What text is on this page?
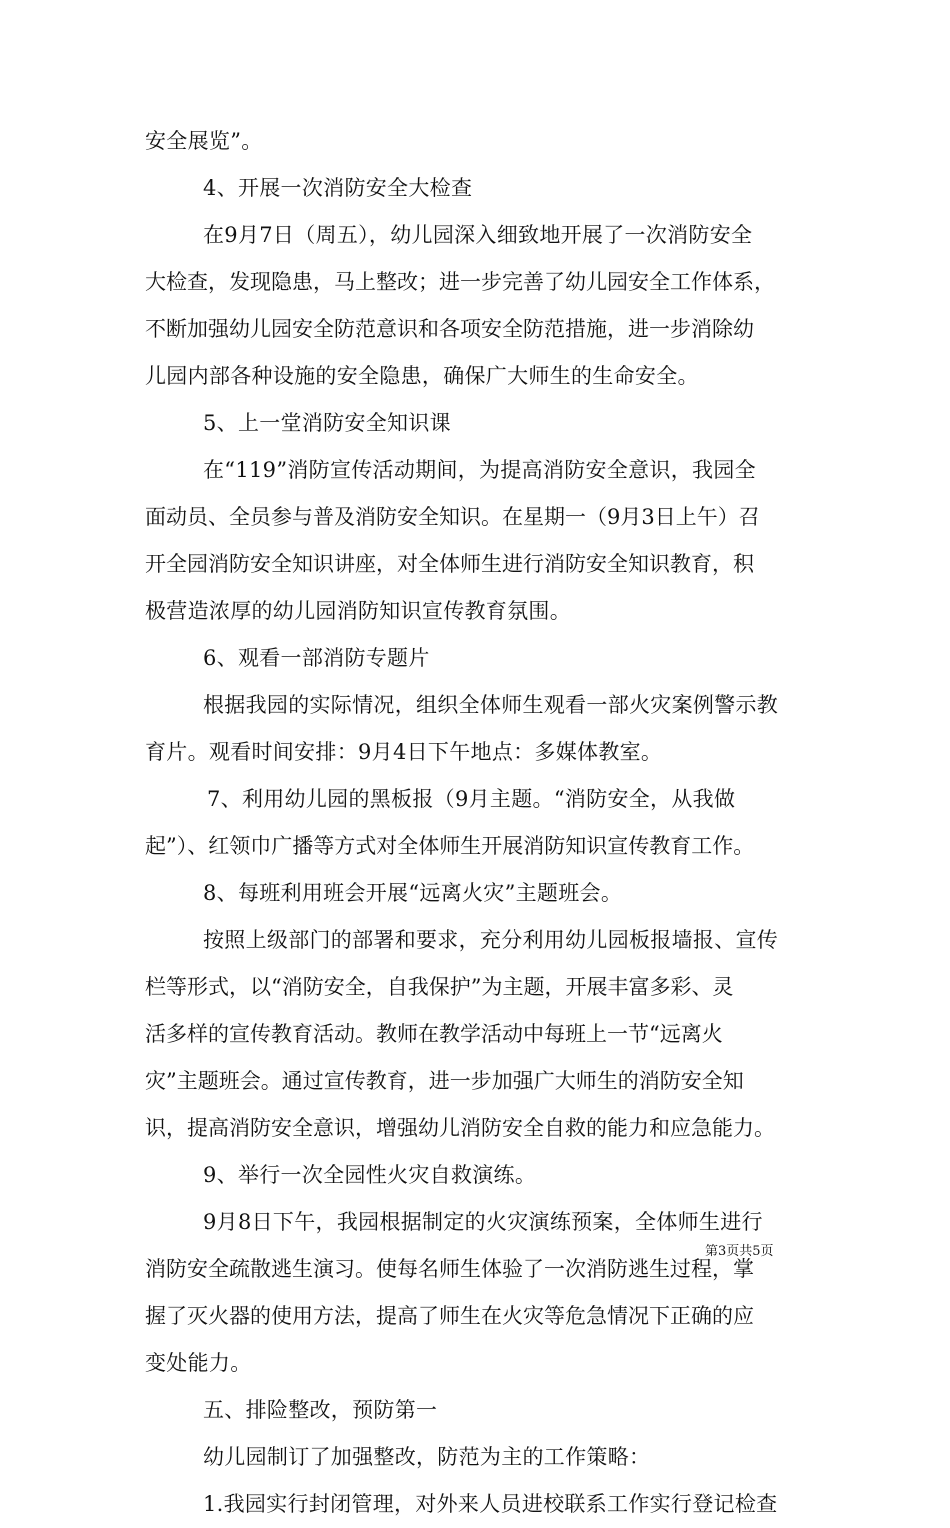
安全展览”。
4、开展一次消防安全大检查
在9月7日（周五），幼儿园深入细致地开展了一次消防安全
大检查，发现隐患，马上整改；进一步完善了幼儿园安全工作体系，
不断加强幼儿园安全防范意识和各项安全防范措施，进一步消除幼
儿园内部各种设施的安全隐患，确保广大师生的生命安全。
5、上一堂消防安全知识课
在“119”消防宣传活动期间，为提高消防安全意识，我园全
面动员、全员参与普及消防安全知识。在星期一（9月3日上午）召
开全园消防安全知识讲座，对全体师生进行消防安全知识教育，积
极营造浓厚的幼儿园消防知识宣传教育氛围。
6、观看一部消防专题片
根据我园的实际情况，组织全体师生观看一部火灾案例警示教
育片。观看时间安排：9月4日下午地点：多媒体教室。
7、利用幼儿园的黑板报（9月主题。“消防安全，从我做
起”）、红领巾广播等方式对全体师生开展消防知识宣传教育工作。
8、每班利用班会开展“远离火灾”主题班会。
按照上级部门的部署和要求，充分利用幼儿园板报墙报、宣传
栏等形式，以“消防安全，自我保护”为主题，开展丰富多彩、灵
活多样的宣传教育活动。教师在教学活动中每班上一节“远离火
灾”主题班会。通过宣传教育，进一步加强广大师生的消防安全知
识，提高消防安全意识，增强幼儿消防安全自救的能力和应急能力。
9、举行一次全园性火灾自救演练。
9月8日下午，我园根据制定的火灾演练预案，全体师生进行
消防安全疏散逃生演习。使每名师生体验了一次消防逃生过程，掌
握了灭火器的使用方法，提高了师生在火灾等危急情况下正确的应
变处能力。
五、排险整改，预防第一
幼儿园制订了加强整改，防范为主的工作策略：
1.我园实行封闭管理，对外来人员进校联系工作实行登记检查
第3页共5页
